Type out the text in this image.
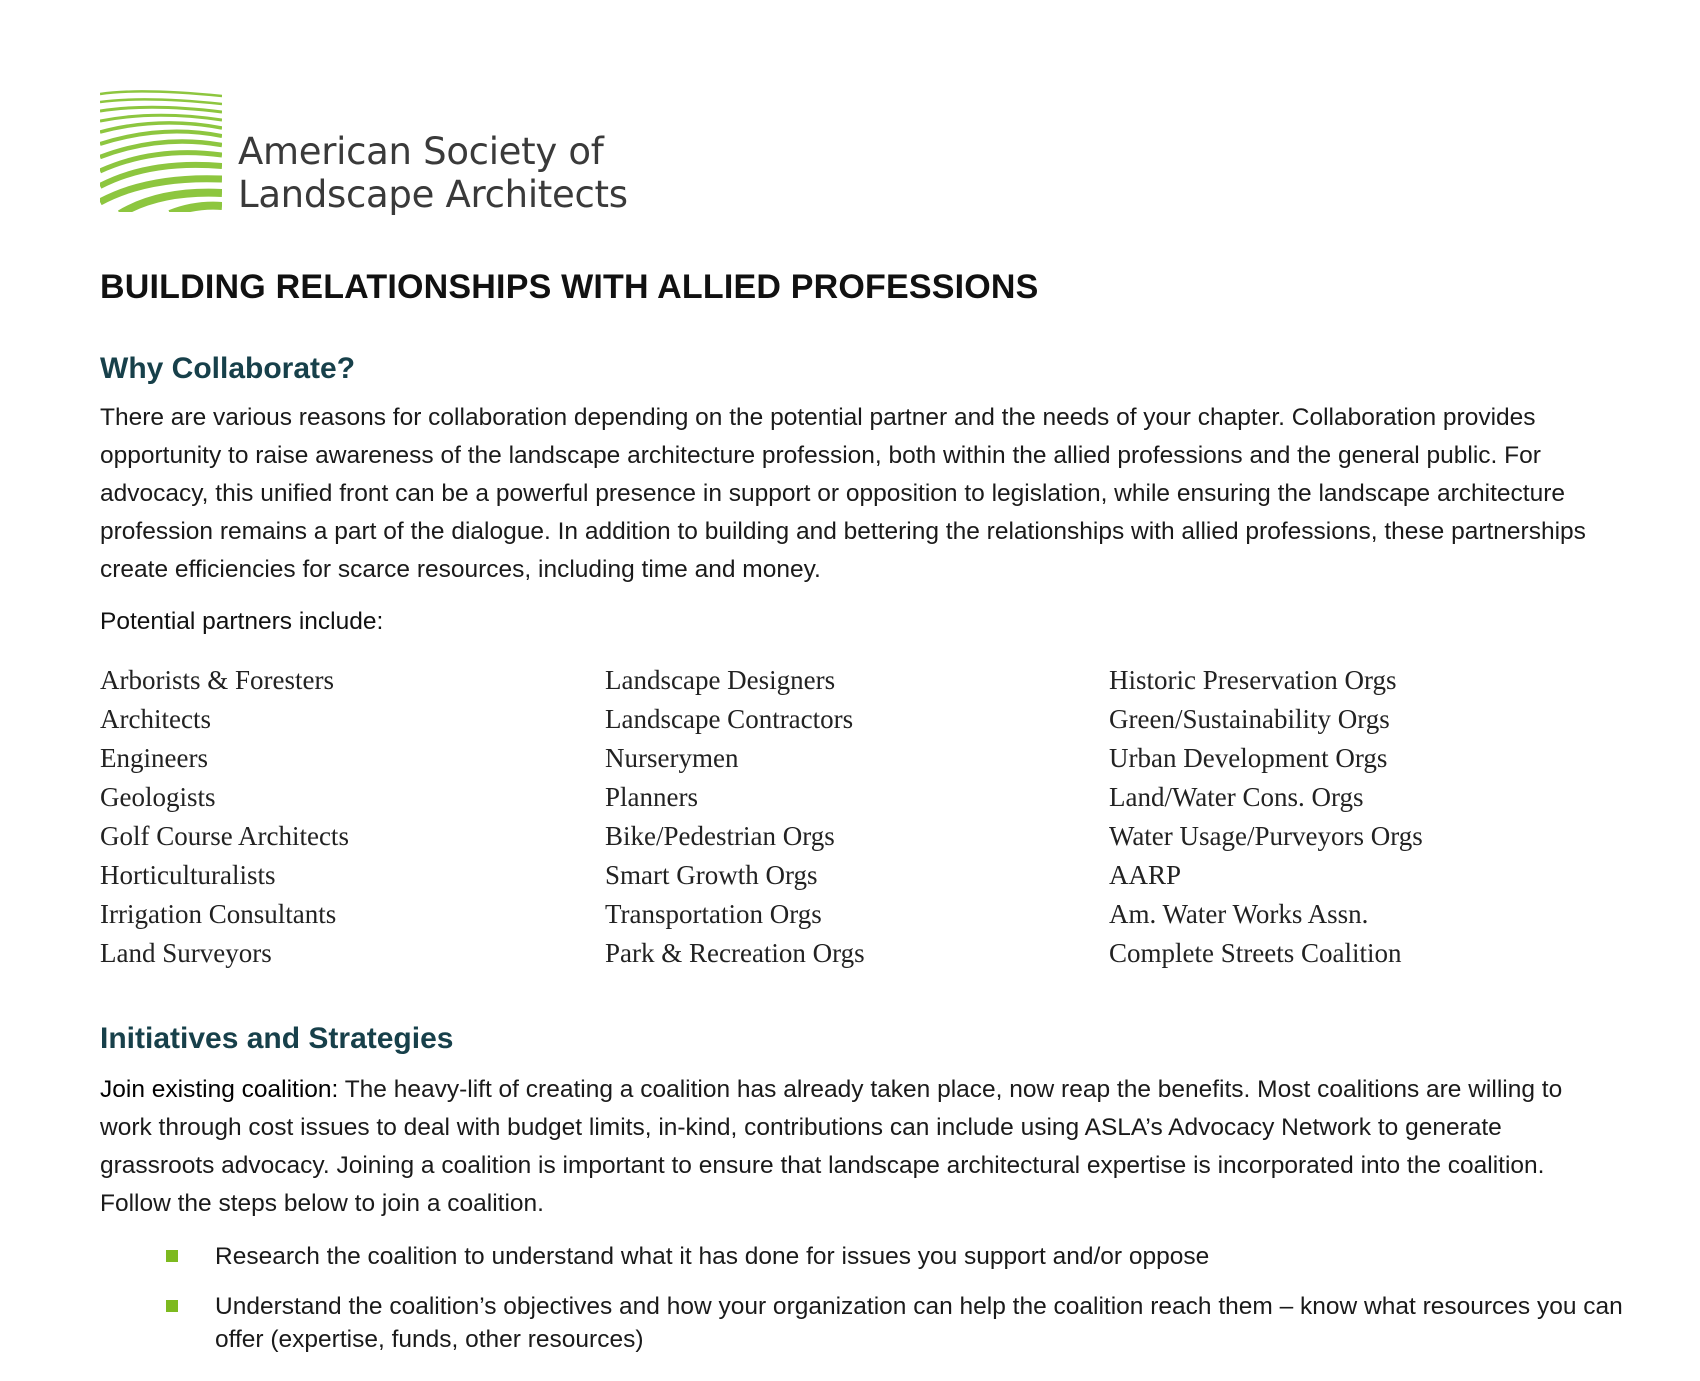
American Society of
Landscape Architects
BUILDING RELATIONSHIPS WITH ALLIED PROFESSIONS
Why Collaborate?

There are various reasons for collaboration depending on the potential partner and the needs of your chapter. Collaboration provides opportunity to raise awareness of the landscape architecture profession, both within the allied professions and the general public. For advocacy, this unified front can be a powerful presence in support or opposition to legislation, while ensuring the landscape architecture profession remains a part of the dialogue. In addition to building and bettering the relationships with allied professions, these partnerships create efficiencies for scarce resources, including time and money.

Potential partners include:

Arborists & Foresters
Architects
Engineers
Geologists
Golf Course Architects
Horticulturalists
Irrigation Consultants
Land Surveyors
Landscape Designers
Landscape Contractors
Nurserymen
Planners
Bike/Pedestrian Orgs
Smart Growth Orgs
Transportation Orgs
Park & Recreation Orgs
Historic Preservation Orgs
Green/Sustainability Orgs
Urban Development Orgs
Land/Water Cons. Orgs
Water Usage/Purveyors Orgs
AARP
Am. Water Works Assn.
Complete Streets Coalition
Initiatives and Strategies

Join existing coalition: The heavy-lift of creating a coalition has already taken place, now reap the benefits. Most coalitions are willing to work through cost issues to deal with budget limits, in-kind, contributions can include using ASLA’s Advocacy Network to generate grassroots advocacy. Joining a coalition is important to ensure that landscape architectural expertise is incorporated into the coalition. Follow the steps below to join a coalition.

Research the coalition to understand what it has done for issues you support and/or oppose
Understand the coalition’s objectives and how your organization can help the coalition reach them – know what resources you can offer (expertise, funds, other resources)
